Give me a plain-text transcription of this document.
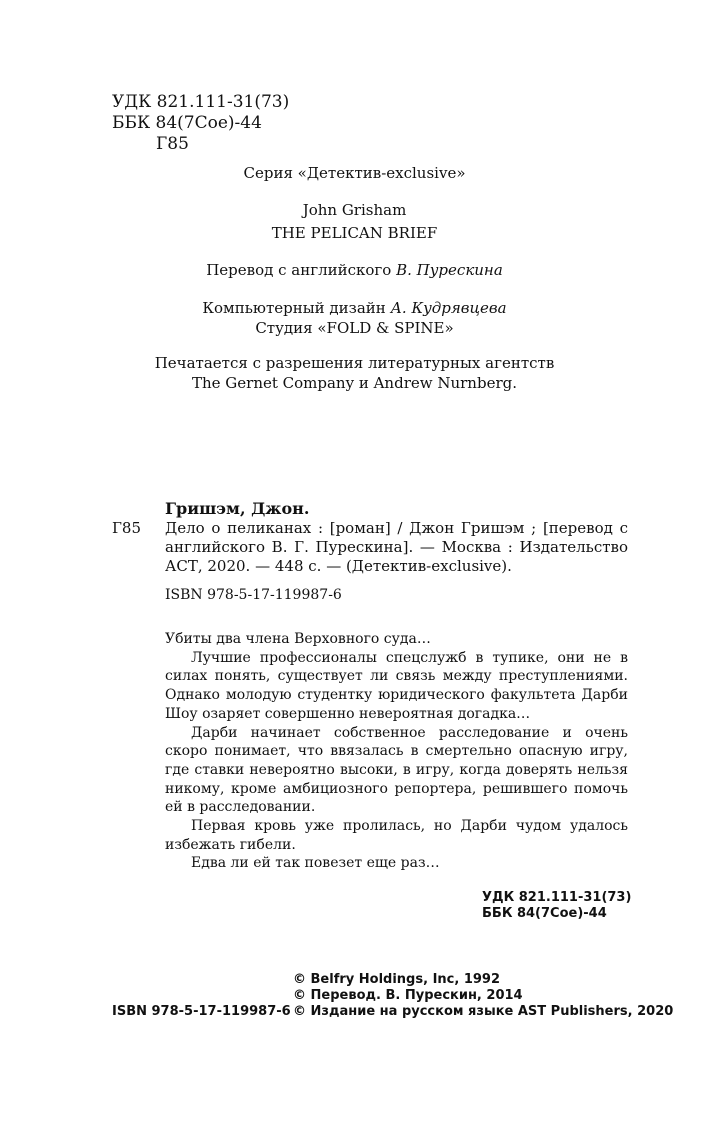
УДК 821.111-31(73)
ББК 84(7Сое)-44
Г85
Серия «Детектив-exclusive»
John Grisham
THE PELICAN BRIEF
Перевод с английского В. Пурескина
Компьютерный дизайн А. Кудрявцева
Студия «FOLD & SPINE»
Печатается с разрешения литературных агентств
The Gernet Company и Andrew Nurnberg.
Гришэм, Джон.
Г85	Дело о пеликанах : [роман] / Джон Гришэм ; [перевод с английского В. Г. Пурескина]. — Москва : Издательство АСТ, 2020. — 448 с. — (Детектив-exclusive).
ISBN 978-5-17-119987-6

Убиты два члена Верховного суда…

Лучшие профессионалы спецслужб в тупике, они не в силах понять, существует ли связь между преступлениями. Однако молодую студентку юридического факультета Дарби Шоу озаряет совершенно невероятная догадка…

Дарби начинает собственное расследование и очень скоро понимает, что ввязалась в смертельно опасную игру, где ставки невероятно высоки, в игру, когда доверять нельзя никому, кроме амбициозного репортера, решившего помочь ей в расследовании.

Первая кровь уже пролилась, но Дарби чудом удалось избежать гибели.

Едва ли ей так повезет еще раз…

УДК 821.111-31(73)
ББК 84(7Сое)-44
ISBN 978-5-17-119987-6
© Belfry Holdings, Inc, 1992
© Перевод. В. Пурескин, 2014
© Издание на русском языке AST Publishers, 2020
